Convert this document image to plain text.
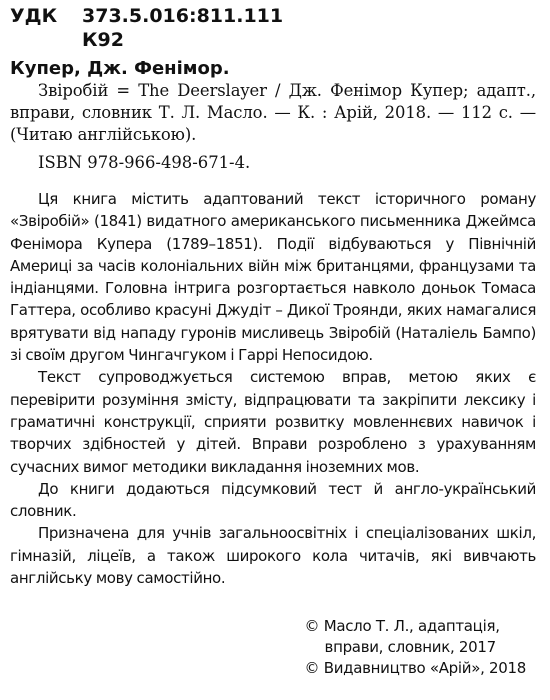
УДК 373.5.016:811.111
К92
Купер, Дж. Фенімор.
Звіробій = The Deerslayer / Дж. Фенімор Купер; адапт., вправи, словник Т. Л. Масло. — К. : Арій, 2018. — 112 с. — (Читаю англійською).
ISBN 978-966-498-671-4.

Ця книга містить адаптований текст історичного роману «Звіробій» (1841) видатного американського письменника Джеймса Фенімора Купера (1789–1851). Події відбуваються у Північній Америці за часів колоніальних війн між британцями, французами та індіанцями. Головна інтрига розгортається навколо доньок Томаса Гаттера, особливо красуні Джудіт – Дикої Троянди, яких намагалися врятувати від нападу гуронів мисливець Звіробій (Наталіель Бампо) зі своїм другом Чингачгуком і Гаррі Непосидою.

Текст супроводжується системою вправ, метою яких є перевірити розуміння змісту, відпрацювати та закріпити лексику і граматичні конструкції, сприяти розвитку мовленнєвих навичок і творчих здібностей у дітей. Вправи розроблено з урахуванням сучасних вимог методики викладання іноземних мов.

До книги додаються підсумковий тест й англо-український словник.

Призначена для учнів загальноосвітніх і спеціалізованих шкіл, гімназій, ліцеїв, а також широкого кола читачів, які вивчають англійську мову самостійно.

© Масло Т. Л., адаптація,
вправи, словник, 2017
© Видавництво «Арій», 2018
